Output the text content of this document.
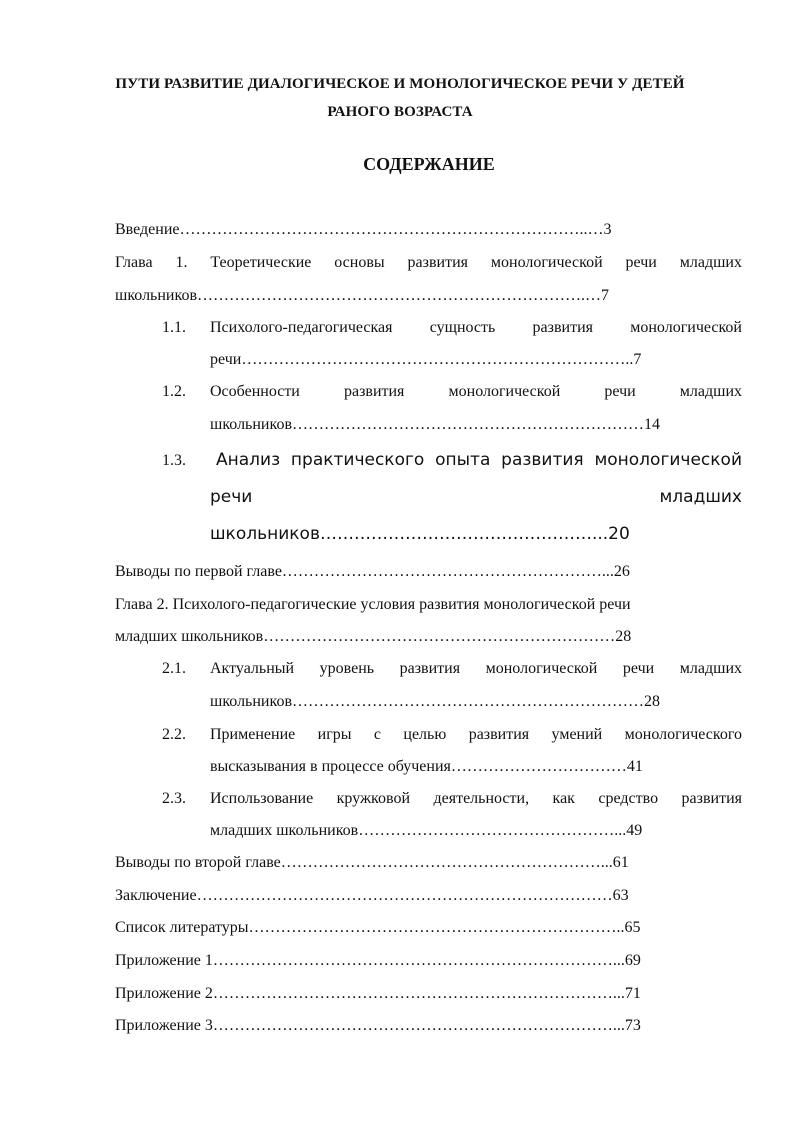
ПУТИ РАЗВИТИЕ ДИАЛОГИЧЕСКОЕ И МОНОЛОГИЧЕСКОЕ РЕЧИ У ДЕТЕЙ
РАНОГО ВОЗРАСТА
СОДЕРЖАНИЕ
Введение…………………………………………………………………..…3
Глава 1. Теоретические основы развития монологической речи младших
школьников……………………………………………………………….…7
1.1. Психолого-педагогическая сущность развития монологической
речи………………………………………………………………..7
1.2. Особенности развития монологической речи младших
школьников…………………………………………………………14
1.3. Анализ практического опыта развития монологической
речи младших
школьников…………………………………………...20
Выводы по первой главе……………………………………………………...26
Глава 2. Психолого-педагогические условия развития монологической речи
младших школьников…………………………………………………………28
2.1. Актуальный уровень развития монологической речи младших
школьников…………………………………………………………28
2.2. Применение игры с целью развития умений монологического
высказывания в процессе обучения……………………………41
2.3. Использование кружковой деятельности, как средство развития
младших школьников…………………………………………...49
Выводы по второй главе……………………………………………………...61
Заключение……………………………………………………………………63
Список литературы……………………………………………………………..65
Приложение 1…………………………………………………………………...69
Приложение 2…………………………………………………………………...71
Приложение 3…………………………………………………………………...73
